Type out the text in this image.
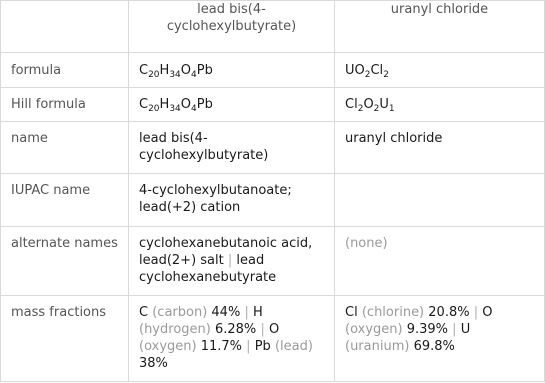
	lead bis(4-cyclohexylbutyrate)	uranyl chloride
formula	$C_{20}H_{34}O_4Pb$	$UO_2Cl_2$
Hill formula	$C_{20}H_{34}O_4Pb$	$Cl_2O_2U_1$
name	lead bis(4-cyclohexylbutyrate)	uranyl chloride
IUPAC name	4-cyclohexylbutanoate; lead(+2) cation	
alternate names	cyclohexanebutanoic acid, lead(2+) salt | lead cyclohexanebutyrate	(none)
mass fractions	C (carbon) 44% | H (hydrogen) 6.28% | O (oxygen) 11.7% | Pb (lead) 38%	Cl (chlorine) 20.8% | O (oxygen) 9.39% | U (uranium) 69.8%
